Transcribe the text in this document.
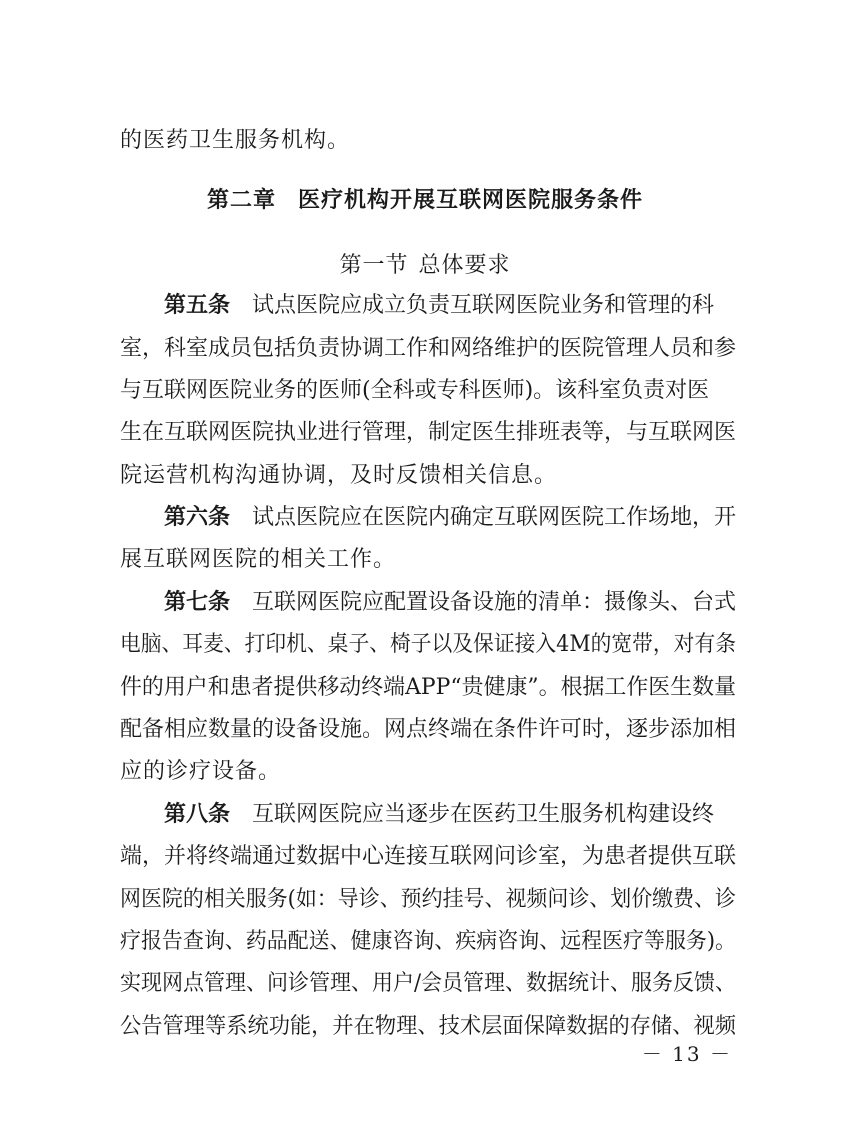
的医药卫生服务机构。
第二章 医疗机构开展互联网医院服务条件
第一节 总体要求
第五条 试点医院应成立负责互联网医院业务和管理的科
室，科室成员包括负责协调工作和网络维护的医院管理人员和参
与互联网医院业务的医师(全科或专科医师)。该科室负责对医
生在互联网医院执业进行管理，制定医生排班表等，与互联网医
院运营机构沟通协调，及时反馈相关信息。
第六条 试点医院应在医院内确定互联网医院工作场地，开
展互联网医院的相关工作。
第七条 互联网医院应配置设备设施的清单：摄像头、台式
电脑、耳麦、打印机、桌子、椅子以及保证接入4M的宽带，对有条
件的用户和患者提供移动终端APP“贵健康”。根据工作医生数量
配备相应数量的设备设施。网点终端在条件许可时，逐步添加相
应的诊疗设备。
第八条 互联网医院应当逐步在医药卫生服务机构建设终
端，并将终端通过数据中心连接互联网问诊室，为患者提供互联
网医院的相关服务(如：导诊、预约挂号、视频问诊、划价缴费、诊
疗报告查询、药品配送、健康咨询、疾病咨询、远程医疗等服务)。
实现网点管理、问诊管理、用户/会员管理、数据统计、服务反馈、
公告管理等系统功能，并在物理、技术层面保障数据的存储、视频
－ 13 －
